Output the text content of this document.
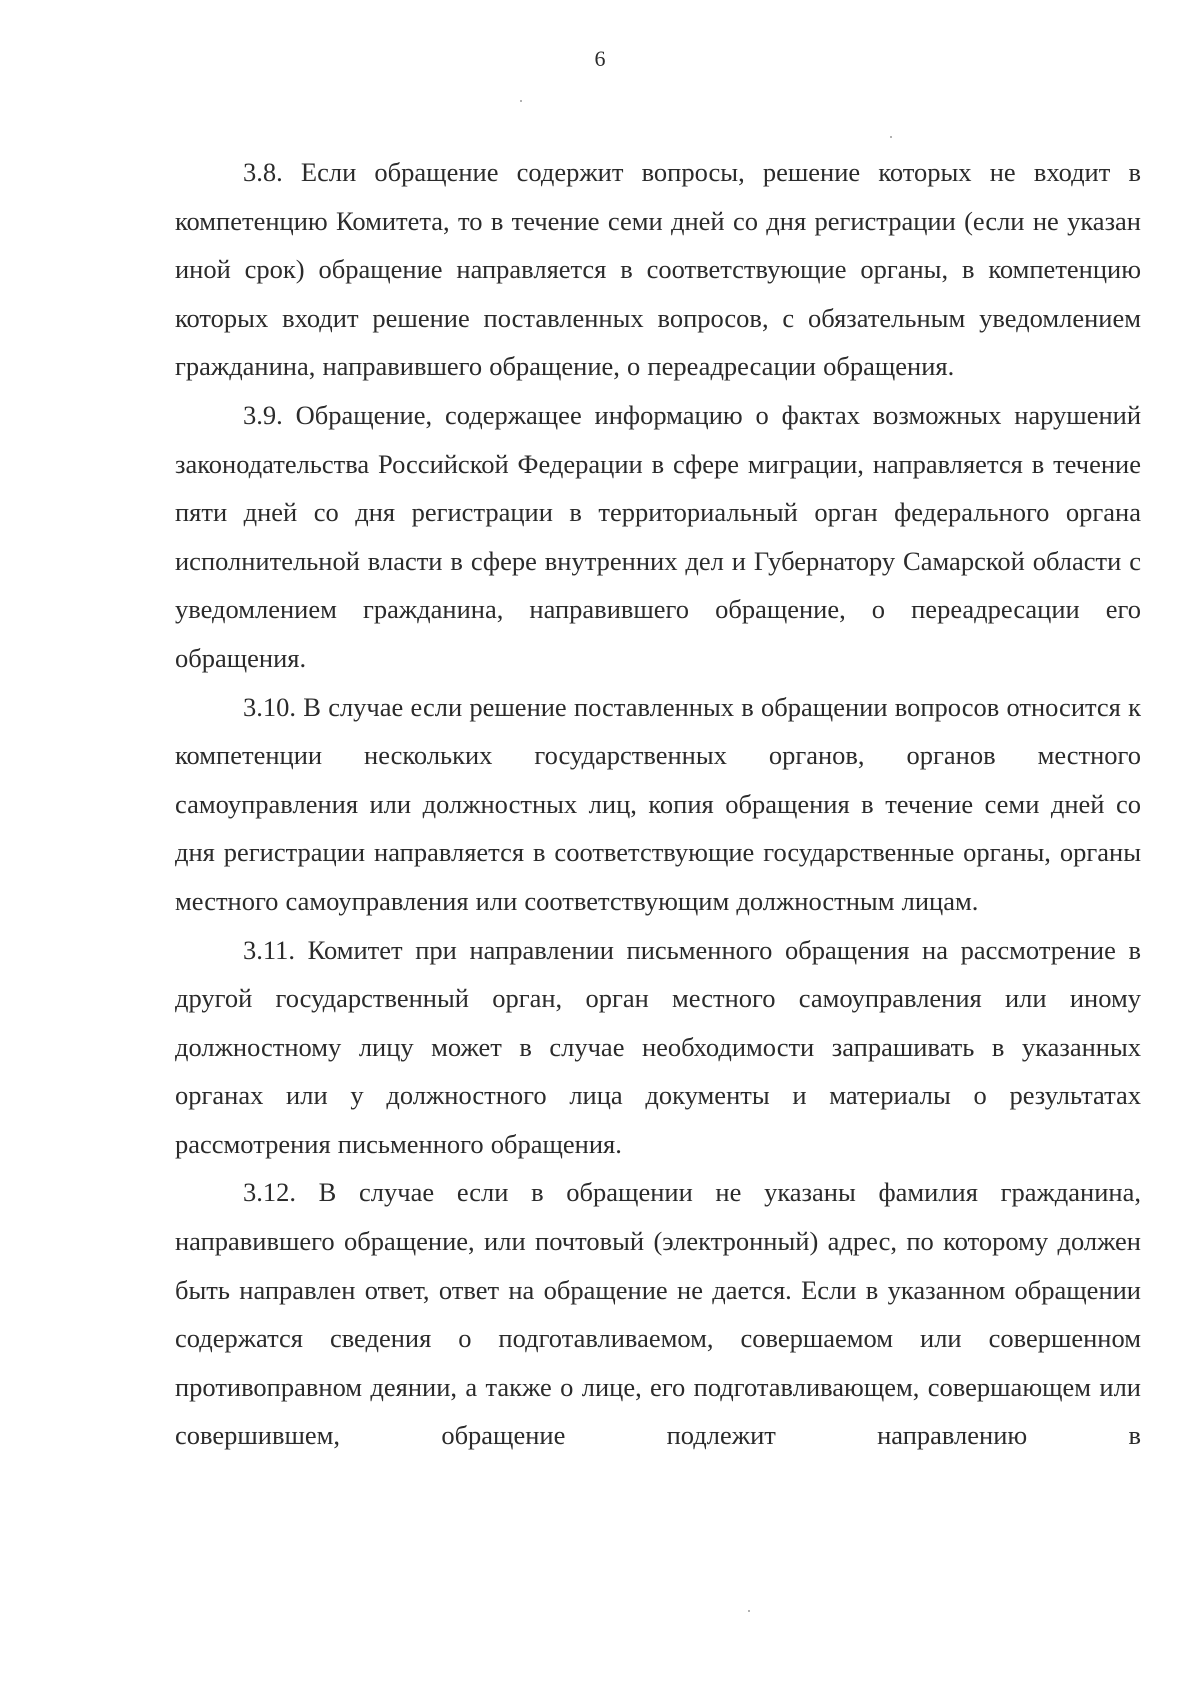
6

3.8. Если обращение содержит вопросы, решение которых не входит в компетенцию Комитета, то в течение семи дней со дня регистрации (если не указан иной срок) обращение направляется в соответствующие органы, в компетенцию которых входит решение поставленных вопросов, с обязательным уведомлением гражданина, направившего обращение, о переадресации обращения.

3.9. Обращение, содержащее информацию о фактах возможных нарушений законодательства Российской Федерации в сфере миграции, направляется в течение пяти дней со дня регистрации в территориальный орган федерального органа исполнительной власти в сфере внутренних дел и Губернатору Самарской области с уведомлением гражданина, направившего обращение, о переадресации его обращения.

3.10. В случае если решение поставленных в обращении вопросов относится к компетенции нескольких государственных органов, органов местного самоуправления или должностных лиц, копия обращения в течение семи дней со дня регистрации направляется в соответствующие государственные органы, органы местного самоуправления или соответствующим должностным лицам.

3.11. Комитет при направлении письменного обращения на рассмотрение в другой государственный орган, орган местного самоуправления или иному должностному лицу может в случае необходимости запрашивать в указанных органах или у должностного лица документы и материалы о результатах рассмотрения письменного обращения.

3.12. В случае если в обращении не указаны фамилия гражданина, направившего обращение, или почтовый (электронный) адрес, по которому должен быть направлен ответ, ответ на обращение не дается. Если в указанном обращении содержатся сведения о подготавливаемом, совершаемом или совершенном противоправном деянии, а также о лице, его подготавливающем, совершающем или совершившем, обращение подлежит направлению в
